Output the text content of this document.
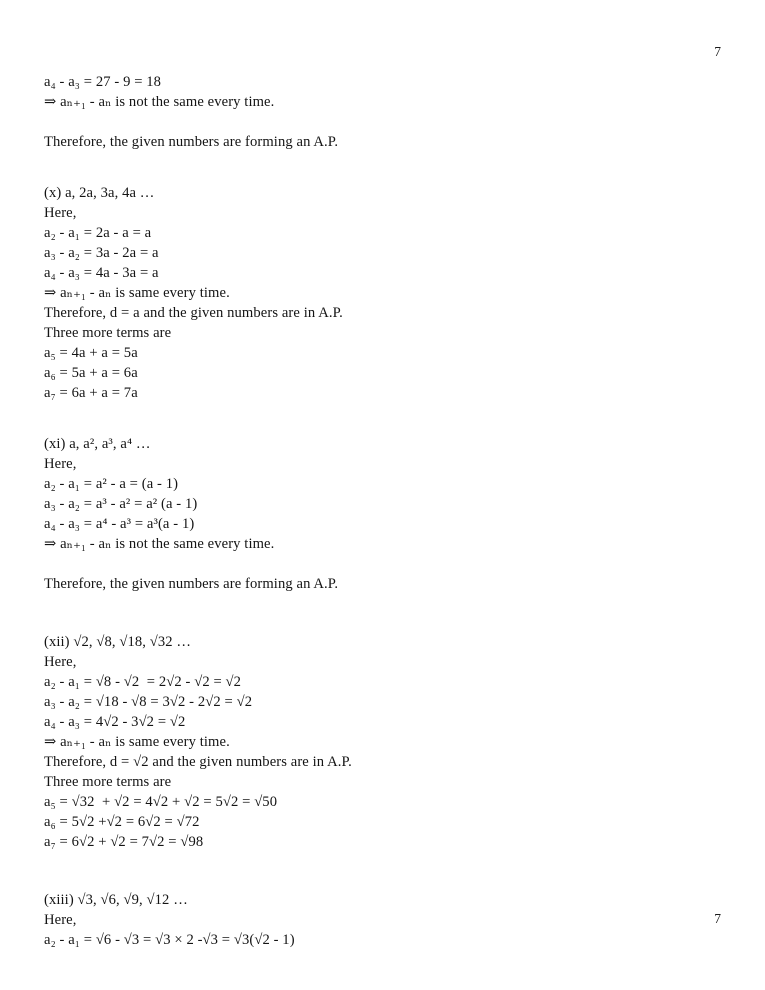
7
a₄ - a₃ = 27 - 9 = 18
⇒ aₙ₊₁ - aₙ is not the same every time.
Therefore, the given numbers are forming an A.P.
(x) a, 2a, 3a, 4a …
Here,
a₂ - a₁ = 2a - a = a
a₃ - a₂ = 3a - 2a = a
a₄ - a₃ = 4a - 3a = a
⇒ aₙ₊₁ - aₙ is same every time.
Therefore, d = a and the given numbers are in A.P.
Three more terms are
a₅ = 4a + a = 5a
a₆ = 5a + a = 6a
a₇ = 6a + a = 7a
(xi) a, a², a³, a⁴ …
Here,
a₂ - a₁ = a² - a = (a - 1)
a₃ - a₂ = a³ - a² = a² (a - 1)
a₄ - a₃ = a⁴ - a³ = a³(a - 1)
⇒ aₙ₊₁ - aₙ is not the same every time.
Therefore, the given numbers are forming an A.P.
(xii) √2, √8, √18, √32 …
Here,
a₂ - a₁ = √8 - √2  = 2√2 - √2 = √2
a₃ - a₂ = √18 - √8 = 3√2 - 2√2 = √2
a₄ - a₃ = 4√2 - 3√2 = √2
⇒ aₙ₊₁ - aₙ is same every time.
Therefore, d = √2 and the given numbers are in A.P.
Three more terms are
a₅ = √32  + √2 = 4√2 + √2 = 5√2 = √50
a₆ = 5√2 +√2 = 6√2 = √72
a₇ = 6√2 + √2 = 7√2 = √98
(xiii) √3, √6, √9, √12 …
Here,
a₂ - a₁ = √6 - √3 = √3 × 2 -√3 = √3(√2 - 1)
7
